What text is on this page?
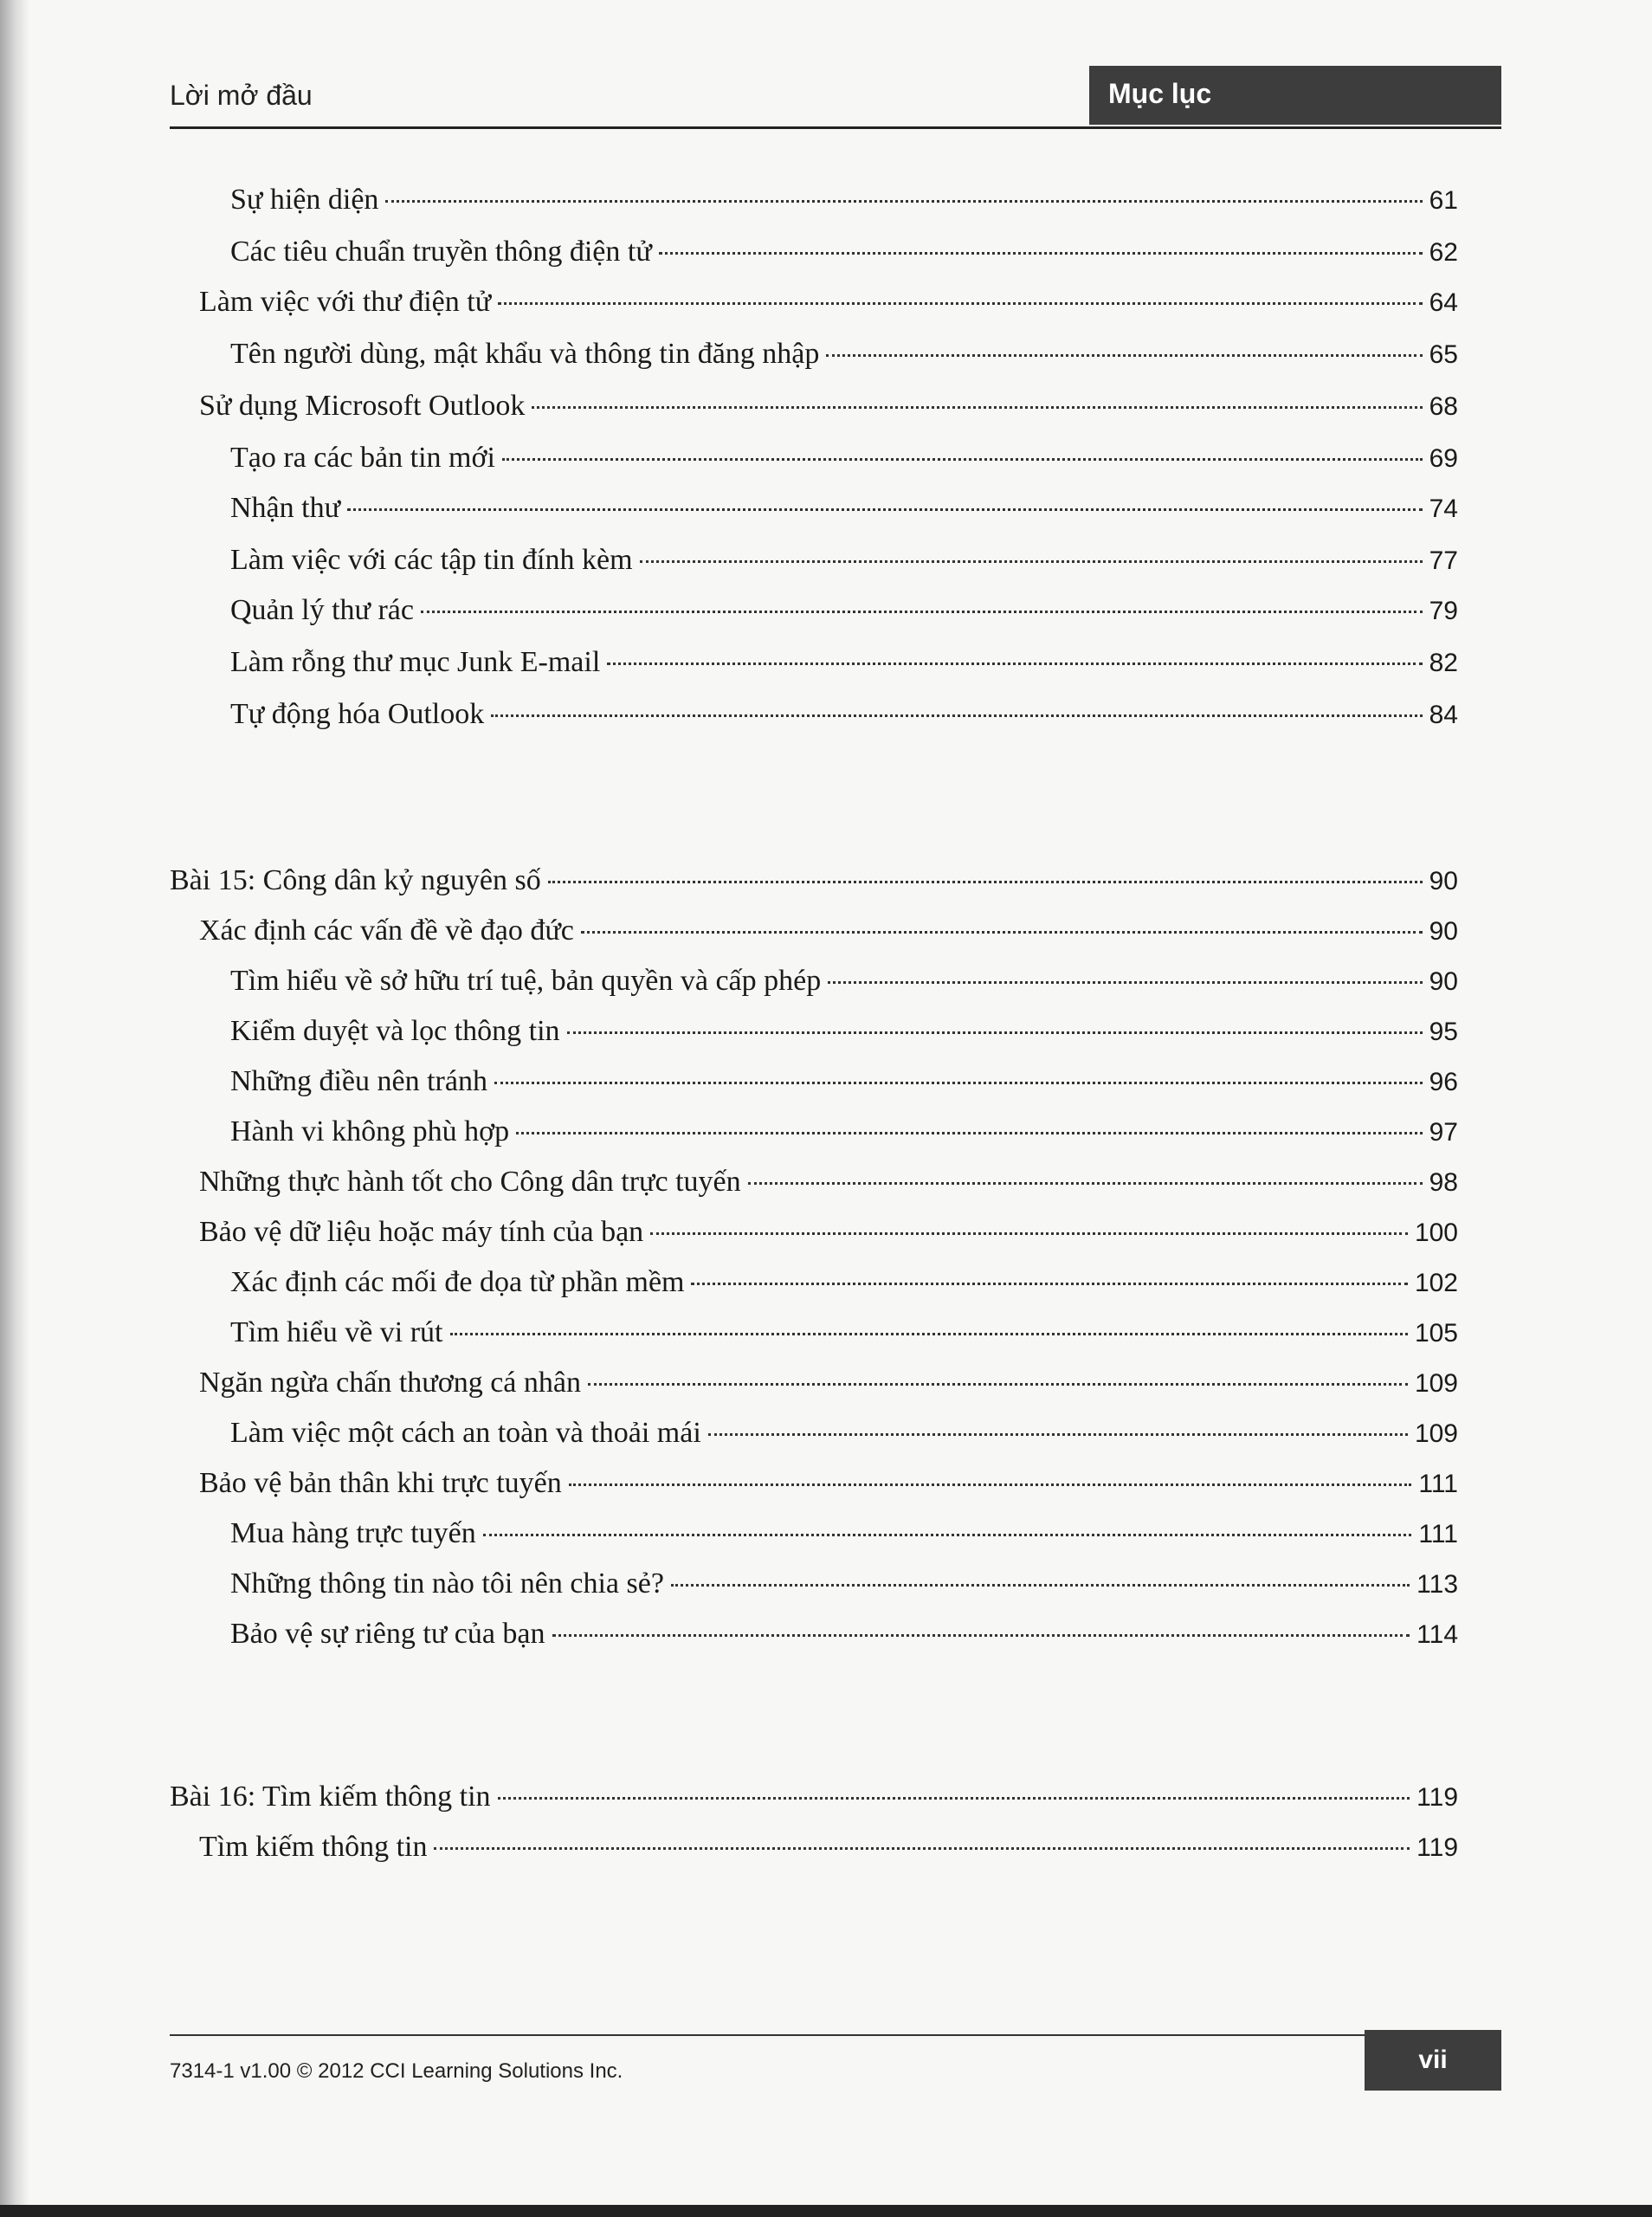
Lời mở đầu	Mục lục
Sự hiện diện	61
Các tiêu chuẩn truyền thông điện tử	62
Làm việc với thư điện tử	64
Tên người dùng, mật khẩu và thông tin đăng nhập	65
Sử dụng Microsoft Outlook	68
Tạo ra các bản tin mới	69
Nhận thư	74
Làm việc với các tập tin đính kèm	77
Quản lý thư rác	79
Làm rỗng thư mục Junk E-mail	82
Tự động hóa Outlook	84
Bài 15: Công dân kỷ nguyên số	90
Xác định các vấn đề về đạo đức	90
Tìm hiểu về sở hữu trí tuệ, bản quyền và cấp phép	90
Kiểm duyệt và lọc thông tin	95
Những điều nên tránh	96
Hành vi không phù hợp	97
Những thực hành tốt cho Công dân trực tuyến	98
Bảo vệ dữ liệu hoặc máy tính của bạn	100
Xác định các mối đe dọa từ phần mềm	102
Tìm hiểu về vi rút	105
Ngăn ngừa chấn thương cá nhân	109
Làm việc một cách an toàn và thoải mái	109
Bảo vệ bản thân khi trực tuyến	111
Mua hàng trực tuyến	111
Những thông tin nào tôi nên chia sẻ?	113
Bảo vệ sự riêng tư của bạn	114
Bài 16: Tìm kiếm thông tin	119
Tìm kiếm thông tin	119
7314-1 v1.00 © 2012 CCI Learning Solutions Inc.	vii
